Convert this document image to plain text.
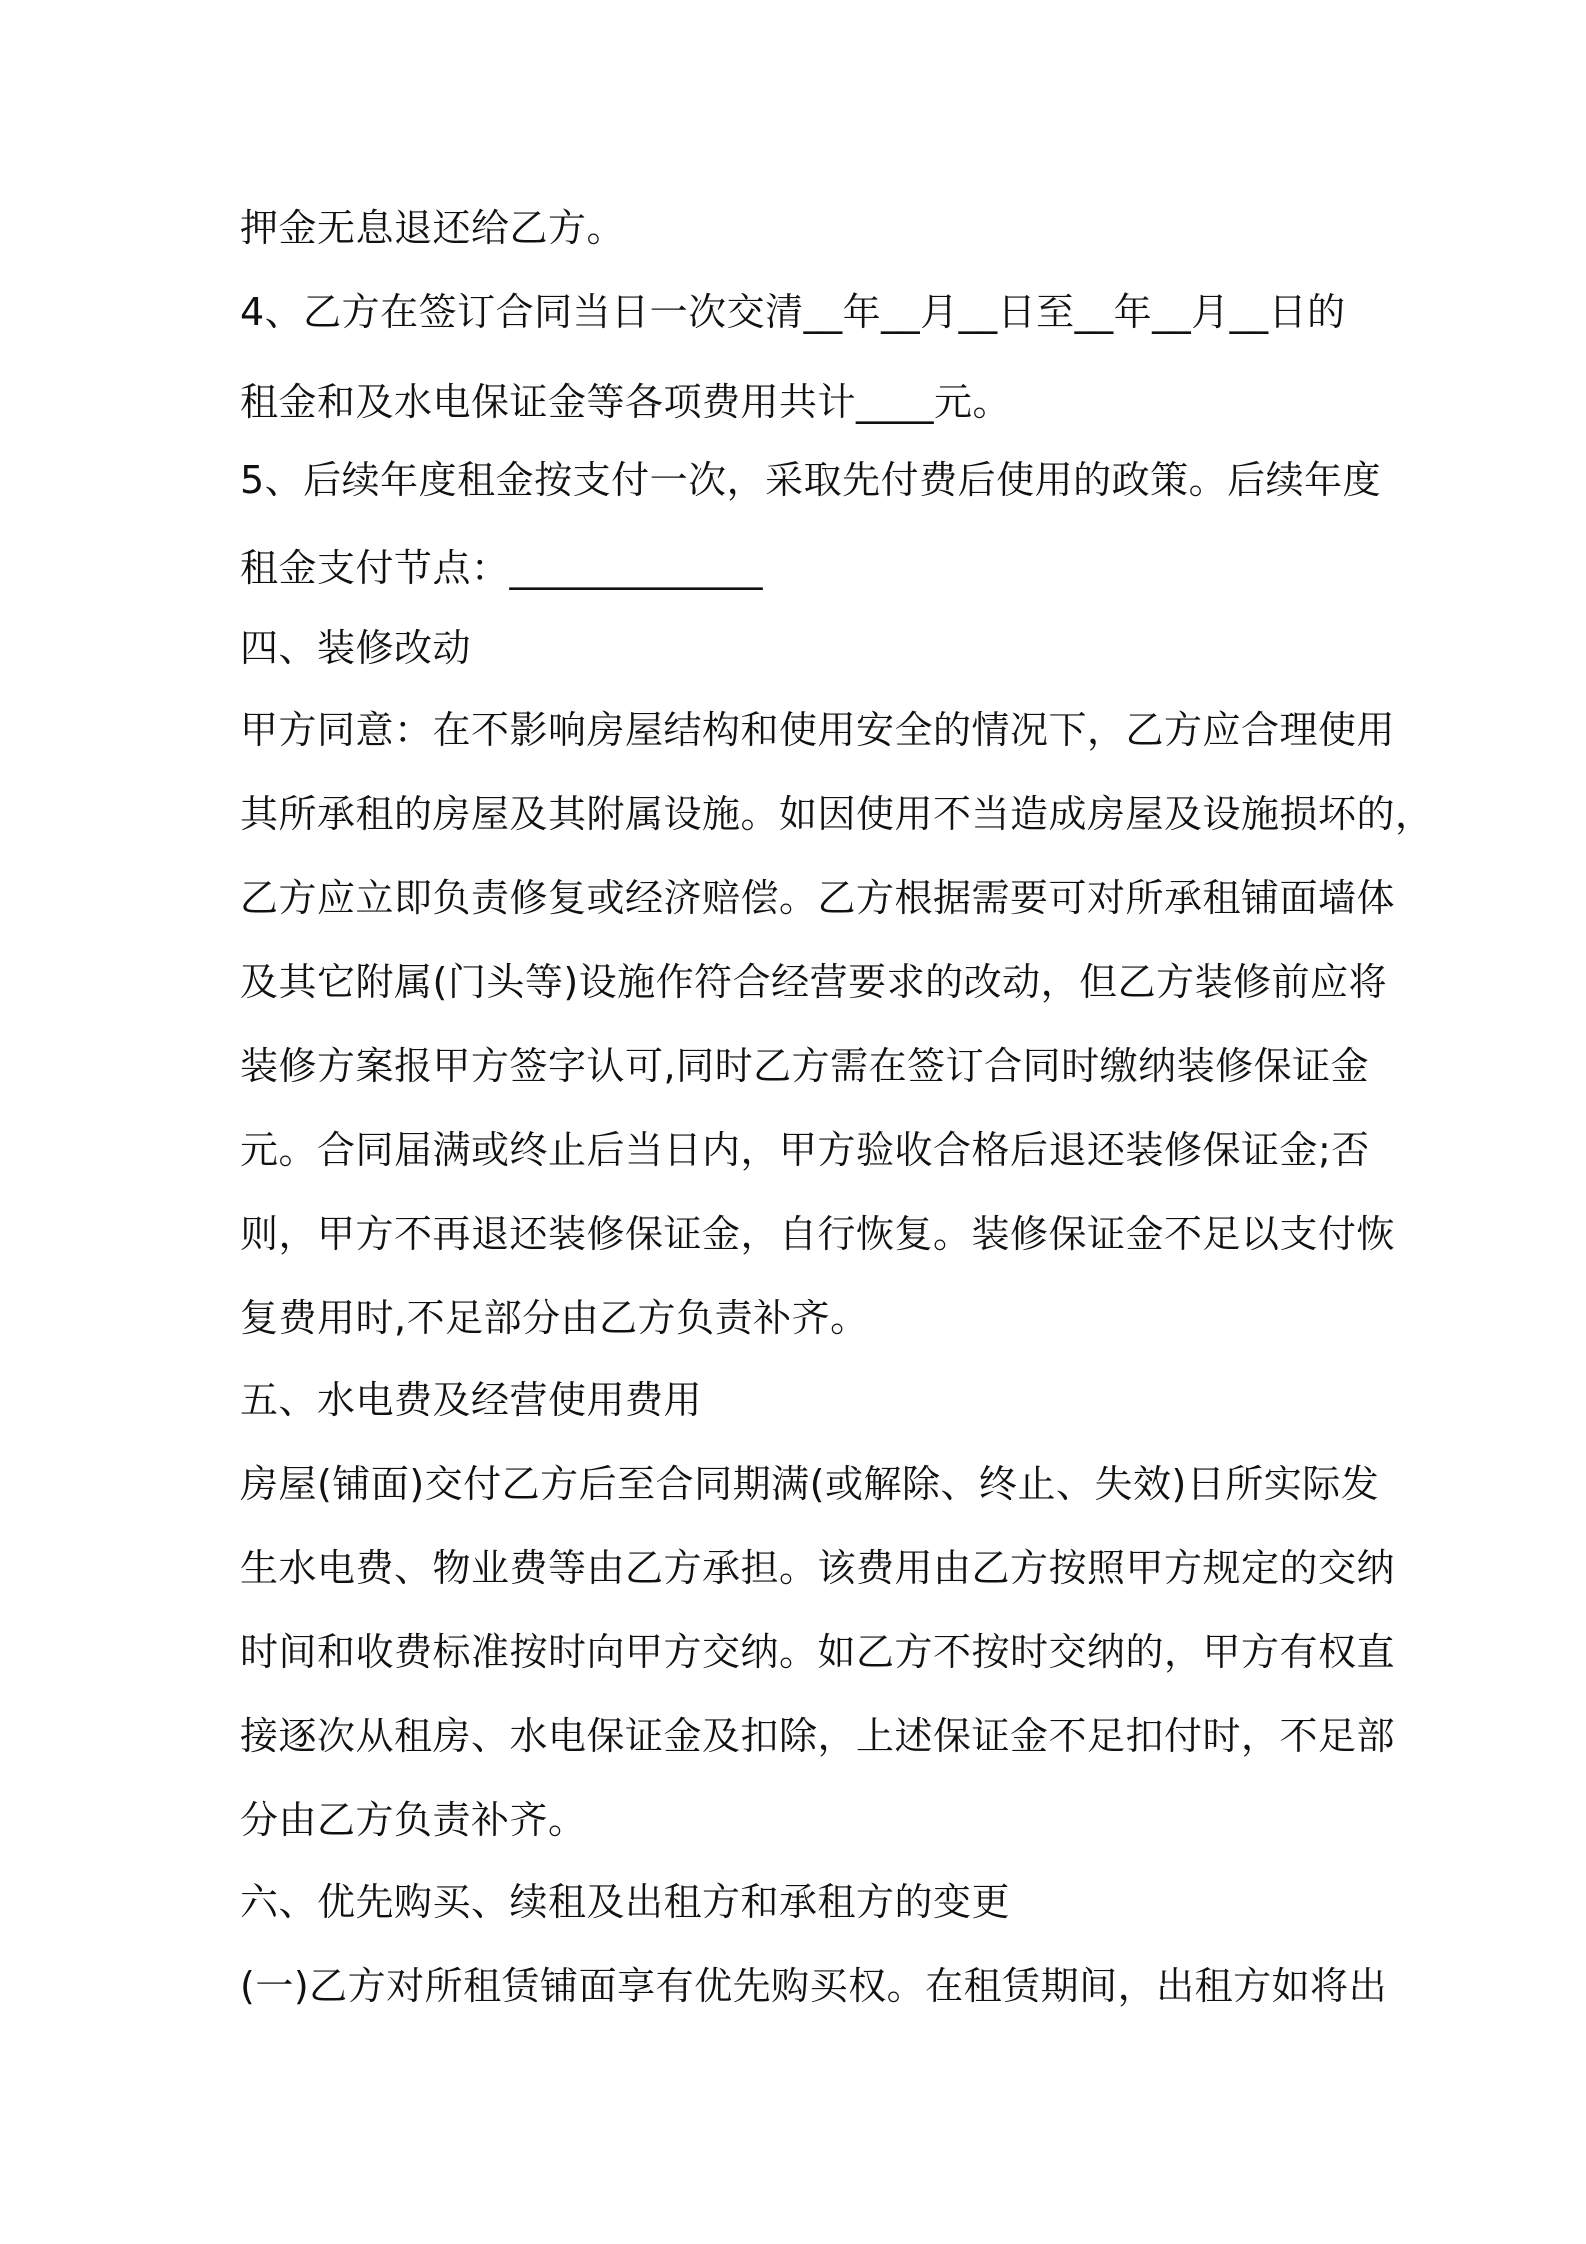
押金无息退还给乙方。
4、乙方在签订合同当日一次交清__年__月__日至__年__月__日的
租金和及水电保证金等各项费用共计____元。
5、后续年度租金按支付一次，采取先付费后使用的政策。后续年度
租金支付节点：_____________
四、装修改动
甲方同意：在不影响房屋结构和使用安全的情况下，乙方应合理使用
其所承租的房屋及其附属设施。如因使用不当造成房屋及设施损坏的，
乙方应立即负责修复或经济赔偿。乙方根据需要可对所承租铺面墙体
及其它附属(门头等)设施作符合经营要求的改动，但乙方装修前应将
装修方案报甲方签字认可,同时乙方需在签订合同时缴纳装修保证金
元。合同届满或终止后当日内，甲方验收合格后退还装修保证金;否
则，甲方不再退还装修保证金，自行恢复。装修保证金不足以支付恢
复费用时,不足部分由乙方负责补齐。
五、水电费及经营使用费用
房屋(铺面)交付乙方后至合同期满(或解除、终止、失效)日所实际发
生水电费、物业费等由乙方承担。该费用由乙方按照甲方规定的交纳
时间和收费标准按时向甲方交纳。如乙方不按时交纳的，甲方有权直
接逐次从租房、水电保证金及扣除，上述保证金不足扣付时，不足部
分由乙方负责补齐。
六、优先购买、续租及出租方和承租方的变更
(一)乙方对所租赁铺面享有优先购买权。在租赁期间，出租方如将出
